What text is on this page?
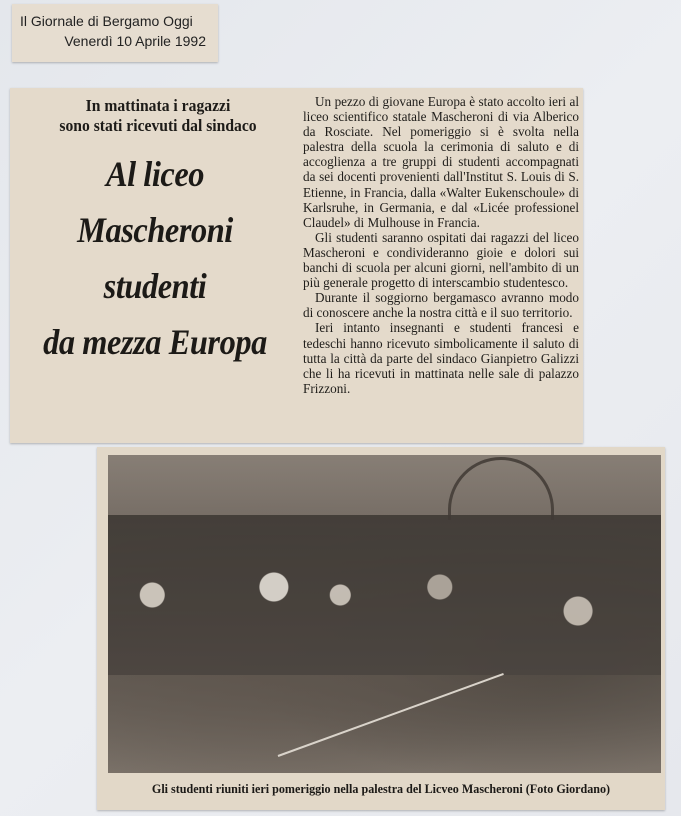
Il Giornale di Bergamo Oggi
Venerdì 10 Aprile 1992
In mattinata i ragazzi
sono stati ricevuti dal sindaco
Al liceo
Mascheroni
studenti
da mezza Europa

Un pezzo di giovane Europa è stato accolto ieri al liceo scientifico statale Mascheroni di via Alberico da Rosciate. Nel pomeriggio si è svolta nella palestra della scuola la cerimonia di saluto e di accoglienza a tre gruppi di studenti accompagnati da sei docenti provenienti dall'Institut S. Louis di S. Etienne, in Francia, dalla «Walter Eukenschoule» di Karlsruhe, in Germania, e dal «Licée professionel Claudel» di Mulhouse in Francia.

Gli studenti saranno ospitati dai ragazzi del liceo Mascheroni e condivideranno gioie e dolori sui banchi di scuola per alcuni giorni, nell'ambito di un più generale progetto di interscambio studentesco.

Durante il soggiorno bergamasco avranno modo di conoscere anche la nostra città e il suo territorio.

Ieri intanto insegnanti e studenti francesi e tedeschi hanno ricevuto simbolicamente il saluto di tutta la città da parte del sindaco Gianpietro Galizzi che li ha ricevuti in mattinata nelle sale di palazzo Frizzoni.

Gli studenti riuniti ieri pomeriggio nella palestra del Licveo Mascheroni (Foto Giordano)
